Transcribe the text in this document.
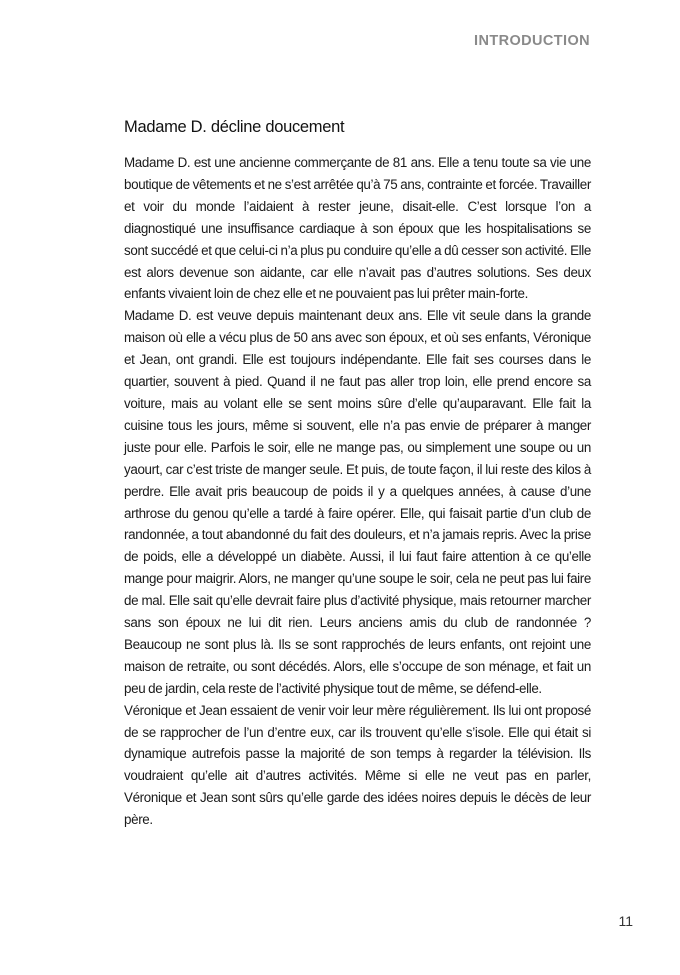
INTRODUCTION
Madame D. décline doucement

Madame D. est une ancienne commerçante de 81 ans. Elle a tenu toute sa vie une boutique de vêtements et ne s’est arrêtée qu’à 75 ans, contrainte et forcée. Travailler et voir du monde l’aidaient à rester jeune, disait-elle. C’est lorsque l’on a diagnostiqué une insuffisance cardiaque à son époux que les hospitalisations se sont succédé et que celui-ci n’a plus pu conduire qu’elle a dû cesser son activité. Elle est alors devenue son aidante, car elle n’avait pas d’autres solutions. Ses deux enfants vivaient loin de chez elle et ne pouvaient pas lui prêter main-forte.

Madame D. est veuve depuis maintenant deux ans. Elle vit seule dans la grande maison où elle a vécu plus de 50 ans avec son époux, et où ses enfants, Véronique et Jean, ont grandi. Elle est toujours indépendante. Elle fait ses courses dans le quartier, souvent à pied. Quand il ne faut pas aller trop loin, elle prend encore sa voiture, mais au volant elle se sent moins sûre d’elle qu’auparavant. Elle fait la cuisine tous les jours, même si souvent, elle n’a pas envie de préparer à manger juste pour elle. Parfois le soir, elle ne mange pas, ou simplement une soupe ou un yaourt, car c’est triste de manger seule. Et puis, de toute façon, il lui reste des kilos à perdre. Elle avait pris beaucoup de poids il y a quelques années, à cause d’une arthrose du genou qu’elle a tardé à faire opérer. Elle, qui faisait partie d’un club de randonnée, a tout abandonné du fait des douleurs, et n’a jamais repris. Avec la prise de poids, elle a développé un diabète. Aussi, il lui faut faire attention à ce qu’elle mange pour maigrir. Alors, ne manger qu’une soupe le soir, cela ne peut pas lui faire de mal. Elle sait qu’elle devrait faire plus d’activité physique, mais retourner marcher sans son époux ne lui dit rien. Leurs anciens amis du club de randonnée ? Beaucoup ne sont plus là. Ils se sont rapprochés de leurs enfants, ont rejoint une maison de retraite, ou sont décédés. Alors, elle s’occupe de son ménage, et fait un peu de jardin, cela reste de l’activité physique tout de même, se défend-elle.

Véronique et Jean essaient de venir voir leur mère régulièrement. Ils lui ont proposé de se rapprocher de l’un d’entre eux, car ils trouvent qu’elle s’isole. Elle qui était si dynamique autrefois passe la majorité de son temps à regarder la télévision. Ils voudraient qu’elle ait d’autres activités. Même si elle ne veut pas en parler, Véronique et Jean sont sûrs qu’elle garde des idées noires depuis le décès de leur père.

11
